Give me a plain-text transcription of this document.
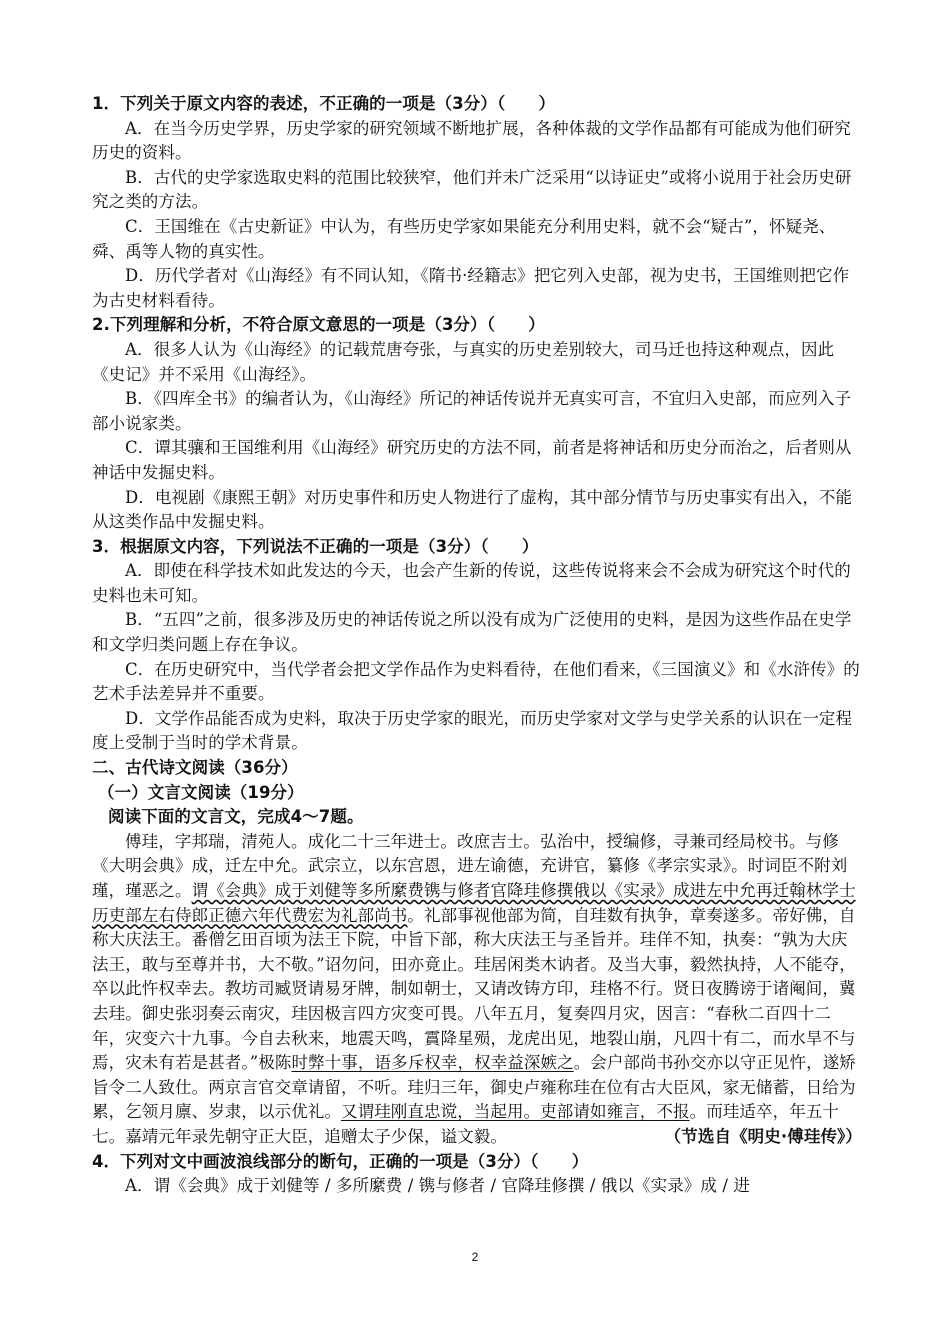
1．下列关于原文内容的表述，不正确的一项是（3分）（　　）

A．在当今历史学界，历史学家的研究领域不断地扩展，各种体裁的文学作品都有可能成为他们研究历史的资料。

B．古代的史学家选取史料的范围比较狭窄，他们并未广泛采用“以诗证史”或将小说用于社会历史研究之类的方法。

C．王国维在《古史新证》中认为，有些历史学家如果能充分利用史料，就不会“疑古”，怀疑尧、舜、禹等人物的真实性。

D．历代学者对《山海经》有不同认知，《隋书·经籍志》把它列入史部，视为史书，王国维则把它作为古史材料看待。

2.下列理解和分析，不符合原文意思的一项是（3分）（　　）

A．很多人认为《山海经》的记载荒唐夸张，与真实的历史差别较大，司马迁也持这种观点，因此《史记》并不采用《山海经》。

B．《四库全书》的编者认为，《山海经》所记的神话传说并无真实可言，不宜归入史部，而应列入子部小说家类。

C．谭其骧和王国维利用《山海经》研究历史的方法不同，前者是将神话和历史分而治之，后者则从神话中发掘史料。

D．电视剧《康熙王朝》对历史事件和历史人物进行了虚构，其中部分情节与历史事实有出入，不能从这类作品中发掘史料。

3．根据原文内容，下列说法不正确的一项是（3分）（　　）

A．即使在科学技术如此发达的今天，也会产生新的传说，这些传说将来会不会成为研究这个时代的史料也未可知。

B．“五四”之前，很多涉及历史的神话传说之所以没有成为广泛使用的史料，是因为这些作品在史学和文学归类问题上存在争议。

C．在历史研究中，当代学者会把文学作品作为史料看待，在他们看来，《三国演义》和《水浒传》的艺术手法差异并不重要。

D．文学作品能否成为史料，取决于历史学家的眼光，而历史学家对文学与史学关系的认识在一定程度上受制于当时的学术背景。

二、古代诗文阅读（36分）

（一）文言文阅读（19分）

阅读下面的文言文，完成4～7题。

傅珪，字邦瑞，清苑人。成化二十三年进士。改庶吉士。弘治中，授编修，寻兼司经局校书。与修《大明会典》成，迁左中允。武宗立，以东宫恩，进左谕德，充讲官，纂修《孝宗实录》。时词臣不附刘瑾，瑾恶之。谓《会典》成于刘健等多所縻费镌与修者官降珪修撰俄以《实录》成进左中允再迁翰林学士历吏部左右侍郎正德六年代费宏为礼部尚书。礼部事视他部为简，自珪数有执争，章奏遂多。帝好佛，自称大庆法王。番僧乞田百顷为法王下院，中旨下部，称大庆法王与圣旨并。珪佯不知，执奏：“孰为大庆法王，敢与至尊并书，大不敬。”诏勿问，田亦竟止。珪居闲类木讷者。及当大事，毅然执持，人不能夺，卒以此忤权幸去。教坊司臧贤请易牙牌，制如朝士，又请改铸方印，珪格不行。贤日夜腾谤于诸阉间，冀去珪。御史张羽奏云南灾，珪因极言四方灾变可畏。八年五月，复奏四月灾，因言：“春秋二百四十二年，灾变六十九事。今自去秋来，地震天鸣，霣降星殒，龙虎出见，地裂山崩，凡四十有二，而水旱不与焉，灾未有若是甚者。”极陈时弊十事，语多斥权幸，权幸益深嫉之。会户部尚书孙交亦以守正见忤，遂矫旨令二人致仕。两京言官交章请留，不听。珪归三年，御史卢雍称珪在位有古大臣风，家无储蓄，日给为累，乞领月廪、岁隶，以示优礼。又谓珪刚直忠谠，当起用。吏部请如雍言，不报。而珪适卒，年五十七。嘉靖元年录先朝守正大臣，追赠太子少保，谥文毅。	（节选自《明史·傅珪传》）

4．下列对文中画波浪线部分的断句，正确的一项是（3分）（　　）

A．谓《会典》成于刘健等 / 多所縻费 / 镌与修者 / 官降珪修撰 / 俄以《实录》成 / 进

2
